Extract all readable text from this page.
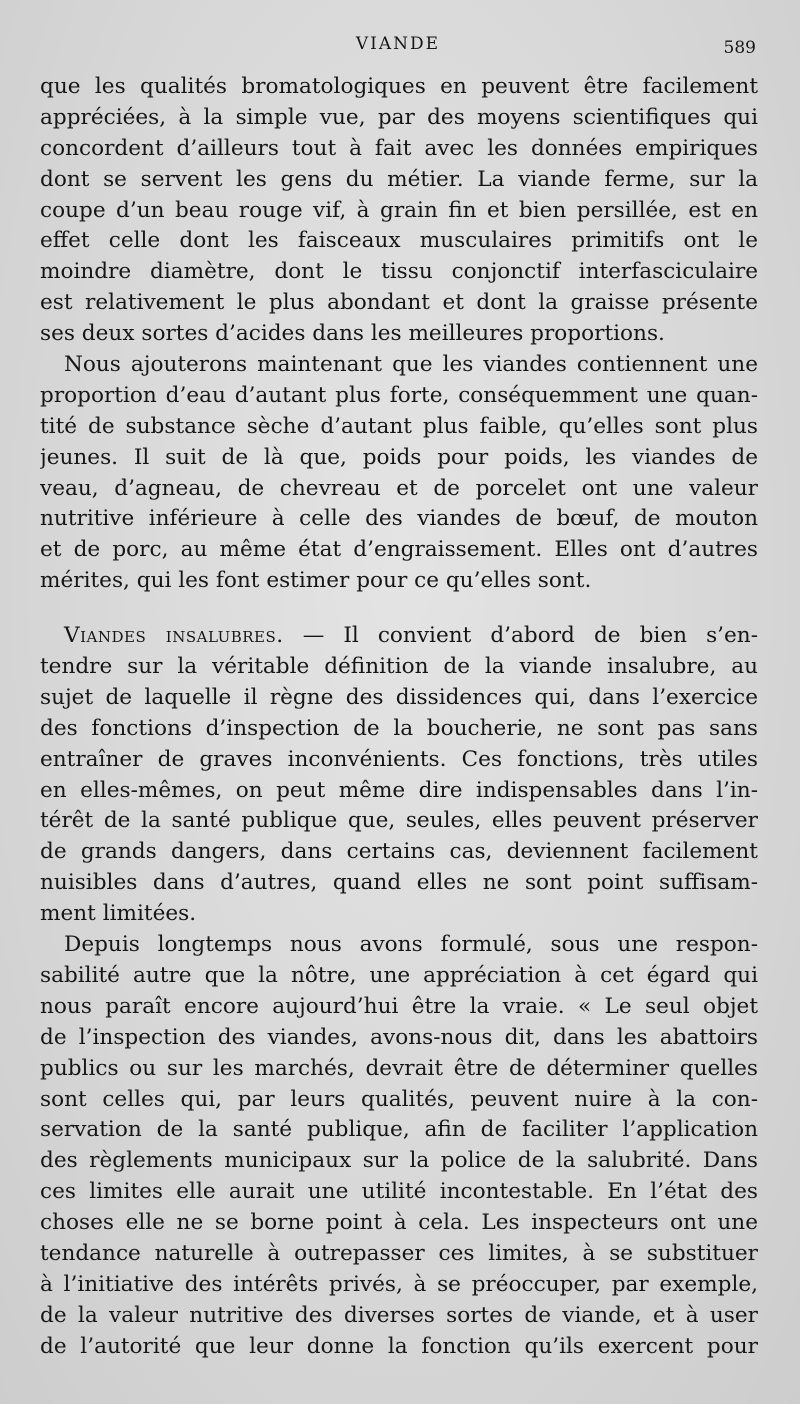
VIANDE	589
que les qualités bromatologiques en peuvent être facilement
appréciées, à la simple vue, par des moyens scientifiques qui
concordent d’ailleurs tout à fait avec les données empiriques
dont se servent les gens du métier. La viande ferme, sur la
coupe d’un beau rouge vif, à grain fin et bien persillée, est en
effet celle dont les faisceaux musculaires primitifs ont le
moindre diamètre, dont le tissu conjonctif interfasciculaire
est relativement le plus abondant et dont la graisse présente
ses deux sortes d’acides dans les meilleures proportions.
Nous ajouterons maintenant que les viandes contiennent une
proportion d’eau d’autant plus forte, conséquemment une quan-
tité de substance sèche d’autant plus faible, qu’elles sont plus
jeunes. Il suit de là que, poids pour poids, les viandes de
veau, d’agneau, de chevreau et de porcelet ont une valeur
nutritive inférieure à celle des viandes de bœuf, de mouton
et de porc, au même état d’engraissement. Elles ont d’autres
mérites, qui les font estimer pour ce qu’elles sont.
Viandes insalubres. — Il convient d’abord de bien s’en-
tendre sur la véritable définition de la viande insalubre, au
sujet de laquelle il règne des dissidences qui, dans l’exercice
des fonctions d’inspection de la boucherie, ne sont pas sans
entraîner de graves inconvénients. Ces fonctions, très utiles
en elles-mêmes, on peut même dire indispensables dans l’in-
térêt de la santé publique que, seules, elles peuvent préserver
de grands dangers, dans certains cas, deviennent facilement
nuisibles dans d’autres, quand elles ne sont point suffisam-
ment limitées.
Depuis longtemps nous avons formulé, sous une respon-
sabilité autre que la nôtre, une appréciation à cet égard qui
nous paraît encore aujourd’hui être la vraie. « Le seul objet
de l’inspection des viandes, avons-nous dit, dans les abattoirs
publics ou sur les marchés, devrait être de déterminer quelles
sont celles qui, par leurs qualités, peuvent nuire à la con-
servation de la santé publique, afin de faciliter l’application
des règlements municipaux sur la police de la salubrité. Dans
ces limites elle aurait une utilité incontestable. En l’état des
choses elle ne se borne point à cela. Les inspecteurs ont une
tendance naturelle à outrepasser ces limites, à se substituer
à l’initiative des intérêts privés, à se préoccuper, par exemple,
de la valeur nutritive des diverses sortes de viande, et à user
de l’autorité que leur donne la fonction qu’ils exercent pour
